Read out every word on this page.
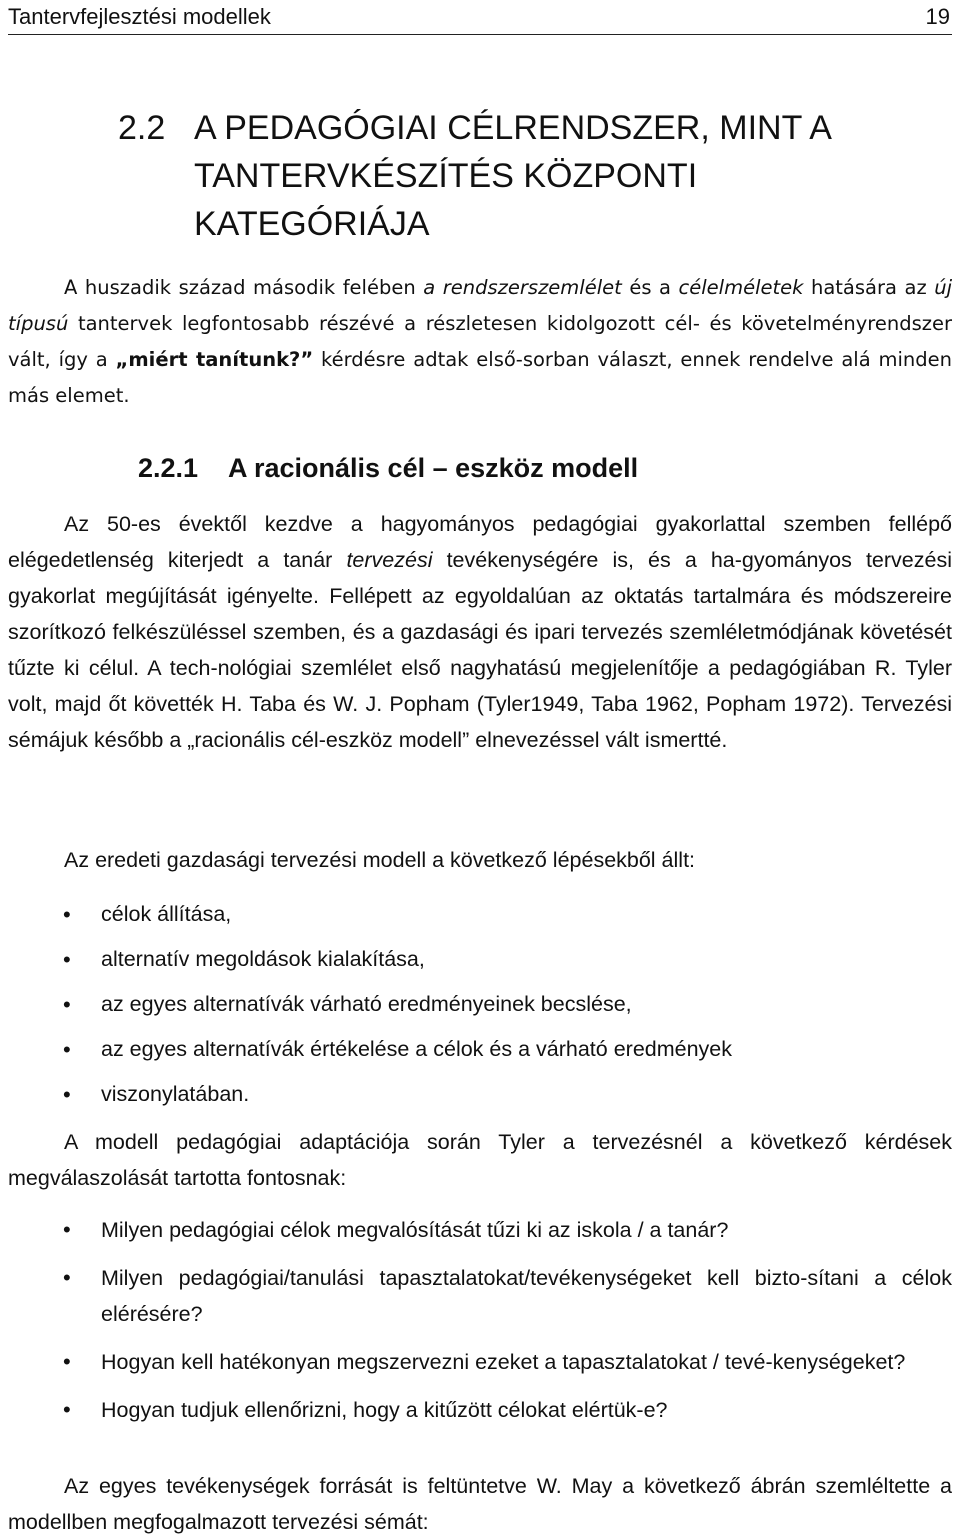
Tantervfejlesztési modellek	19
2.2 A PEDAGÓGIAI CÉLRENDSZER, MINT A TANTERVKÉSZÍTÉS KÖZPONTI KATEGÓRIÁJA
A huszadik század második felében a rendszerszemlélet és a célelméletek hatására az új típusú tantervek legfontosabb részévé a részletesen kidolgozott cél- és követelményrendszer vált, így a „miért tanítunk?” kérdésre adtak első-sorban választ, ennek rendelve alá minden más elemet.
2.2.1 A racionális cél – eszköz modell
Az 50-es évektől kezdve a hagyományos pedagógiai gyakorlattal szemben fellépő elégedetlenség kiterjedt a tanár tervezési tevékenységére is, és a ha-gyományos tervezési gyakorlat megújítását igényelte. Fellépett az egyoldalúan az oktatás tartalmára és módszereire szorítkozó felkészüléssel szemben, és a gazdasági és ipari tervezés szemléletmódjának követését tűzte ki célul. A tech-nológiai szemlélet első nagyhatású megjelenítője a pedagógiában R. Tyler volt, majd őt követték H. Taba és W. J. Popham (Tyler1949, Taba 1962, Popham 1972). Tervezési sémájuk később a „racionális cél-eszköz modell” elnevezéssel vált ismertté.
Az eredeti gazdasági tervezési modell a következő lépésekből állt:
• célok állítása,
• alternatív megoldások kialakítása,
• az egyes alternatívák várható eredményeinek becslése,
• az egyes alternatívák értékelése a célok és a várható eredmények
• viszonylatában.
A modell pedagógiai adaptációja során Tyler a tervezésnél a következő kérdések megválaszolását tartotta fontosnak:
• Milyen pedagógiai célok megvalósítását tűzi ki az iskola / a tanár?
• Milyen pedagógiai/tanulási tapasztalatokat/tevékenységeket kell bizto-sítani a célok elérésére?
• Hogyan kell hatékonyan megszervezni ezeket a tapasztalatokat / tevé-kenységeket?
• Hogyan tudjuk ellenőrizni, hogy a kitűzött célokat elértük-e?
Az egyes tevékenységek forrását is feltüntetve W. May a következő ábrán szemléltette a modellben megfogalmazott tervezési sémát:
